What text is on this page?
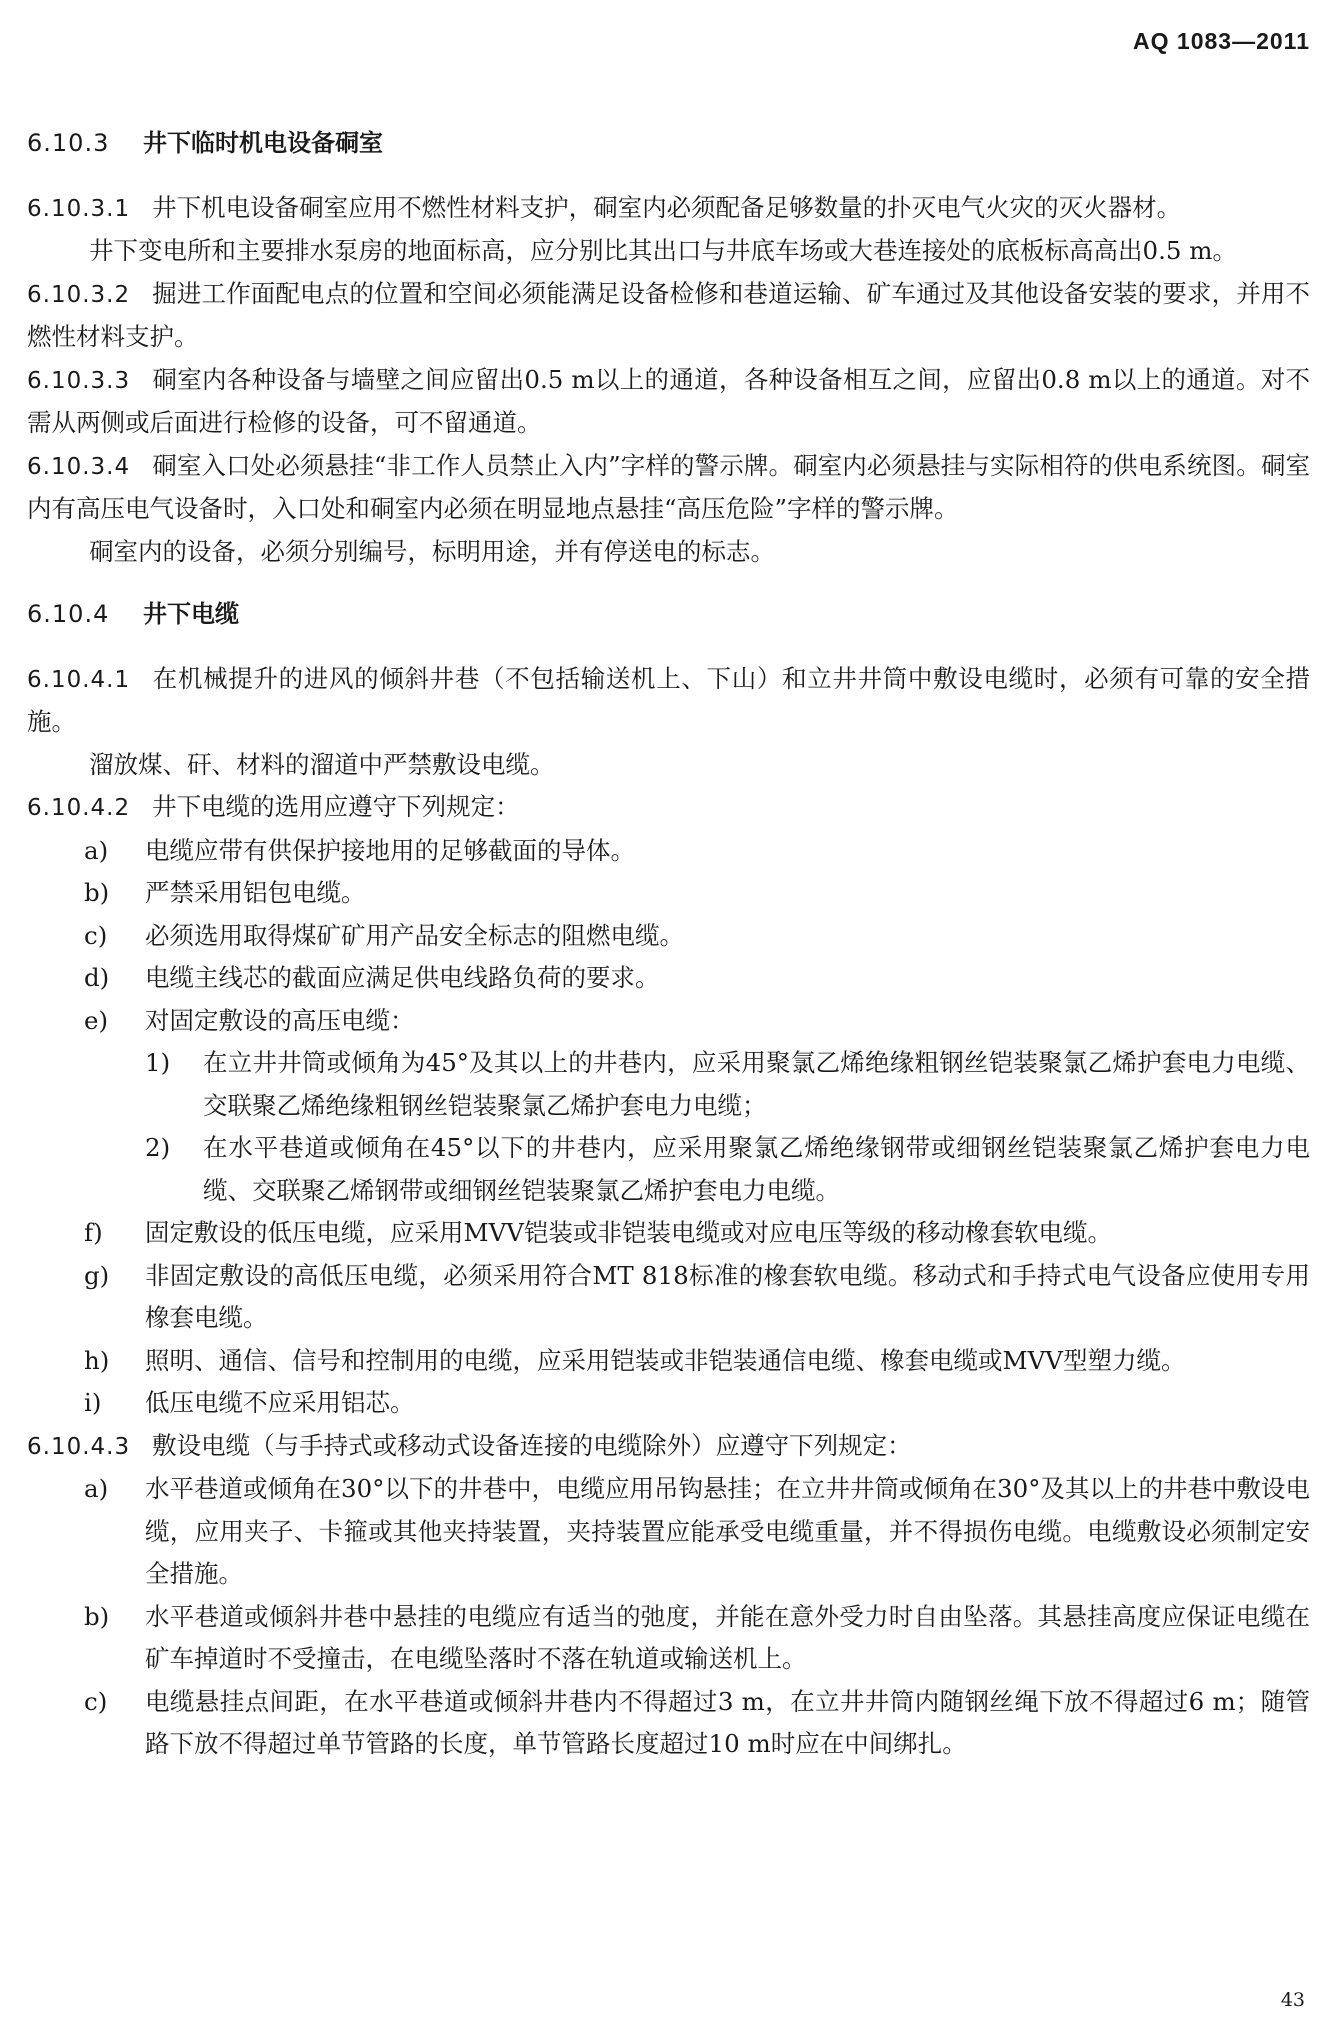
AQ 1083—2011
6.10.3 井下临时机电设备硐室
6.10.3.1 井下机电设备硐室应用不燃性材料支护，硐室内必须配备足够数量的扑灭电气火灾的灭火器材。
井下变电所和主要排水泵房的地面标高，应分别比其出口与井底车场或大巷连接处的底板标高高出0.5 m。
6.10.3.2 掘进工作面配电点的位置和空间必须能满足设备检修和巷道运输、矿车通过及其他设备安装的要求，并用不燃性材料支护。
6.10.3.3 硐室内各种设备与墙壁之间应留出0.5 m以上的通道，各种设备相互之间，应留出0.8 m以上的通道。对不需从两侧或后面进行检修的设备，可不留通道。
6.10.3.4 硐室入口处必须悬挂“非工作人员禁止入内”字样的警示牌。硐室内必须悬挂与实际相符的供电系统图。硐室内有高压电气设备时，入口处和硐室内必须在明显地点悬挂“高压危险”字样的警示牌。
硐室内的设备，必须分别编号，标明用途，并有停送电的标志。
6.10.4 井下电缆
6.10.4.1 在机械提升的进风的倾斜井巷（不包括输送机上、下山）和立井井筒中敷设电缆时，必须有可靠的安全措施。
溜放煤、矸、材料的溜道中严禁敷设电缆。
6.10.4.2 井下电缆的选用应遵守下列规定：
a) 电缆应带有供保护接地用的足够截面的导体。
b) 严禁采用铝包电缆。
c) 必须选用取得煤矿矿用产品安全标志的阻燃电缆。
d) 电缆主线芯的截面应满足供电线路负荷的要求。
e) 对固定敷设的高压电缆：
1) 在立井井筒或倾角为45°及其以上的井巷内，应采用聚氯乙烯绝缘粗钢丝铠装聚氯乙烯护套电力电缆、交联聚乙烯绝缘粗钢丝铠装聚氯乙烯护套电力电缆；
2) 在水平巷道或倾角在45°以下的井巷内，应采用聚氯乙烯绝缘钢带或细钢丝铠装聚氯乙烯护套电力电缆、交联聚乙烯钢带或细钢丝铠装聚氯乙烯护套电力电缆。
f) 固定敷设的低压电缆，应采用MVV铠装或非铠装电缆或对应电压等级的移动橡套软电缆。
g) 非固定敷设的高低压电缆，必须采用符合MT 818标准的橡套软电缆。移动式和手持式电气设备应使用专用橡套电缆。
h) 照明、通信、信号和控制用的电缆，应采用铠装或非铠装通信电缆、橡套电缆或MVV型塑力缆。
i) 低压电缆不应采用铝芯。
6.10.4.3 敷设电缆（与手持式或移动式设备连接的电缆除外）应遵守下列规定：
a) 水平巷道或倾角在30°以下的井巷中，电缆应用吊钩悬挂；在立井井筒或倾角在30°及其以上的井巷中敷设电缆，应用夹子、卡箍或其他夹持装置，夹持装置应能承受电缆重量，并不得损伤电缆。电缆敷设必须制定安全措施。
b) 水平巷道或倾斜井巷中悬挂的电缆应有适当的弛度，并能在意外受力时自由坠落。其悬挂高度应保证电缆在矿车掉道时不受撞击，在电缆坠落时不落在轨道或输送机上。
c) 电缆悬挂点间距，在水平巷道或倾斜井巷内不得超过3 m，在立井井筒内随钢丝绳下放不得超过6 m；随管路下放不得超过单节管路的长度，单节管路长度超过10 m时应在中间绑扎。
43
